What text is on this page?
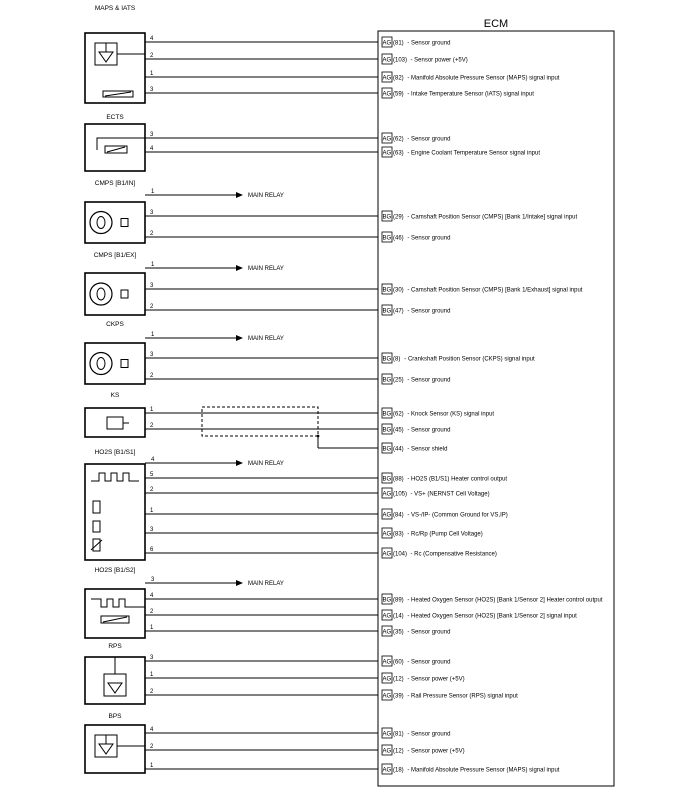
ECM
MAPS & IATS
4
AG (81) - Sensor ground
2
AG (103) - Sensor power (+5V)
1
AG (82) - Manifold Absolute Pressure Sensor (MAPS) signal input
3
AG (59) - Intake Temperature Sensor (IATS) signal input
ECTS
3
AG (62) - Sensor ground
4
AG (63) - Engine Coolant Temperature Sensor signal input
CMPS [B1/IN]
1
MAIN RELAY
3
BG (29) - Camshaft Position Sensor (CMPS) [Bank 1/Intake] signal input
2
BG (46) - Sensor ground
CMPS [B1/EX]
1
MAIN RELAY
3
BG (30) - Camshaft Position Sensor (CMPS) [Bank 1/Exhaust] signal input
2
BG (47) - Sensor ground
CKPS
1
MAIN RELAY
3
BG (8) - Crankshaft Position Sensor (CKPS) signal input
2
BG (25) - Sensor ground
KS
1
BG (62) - Knock Sensor (KS) signal input
2
BG (45) - Sensor ground
BG (44) - Sensor shield
HO2S [B1/S1]
4
MAIN RELAY
5
BG (88) - HO2S (B1/S1) Heater control output
2
AG (105) - VS+ (NERNST Cell Voltage)
1
AG (84) - VS-/IP- (Common Ground for VS,IP)
3
AG (83) - Rc/Rp (Pump Cell Voltage)
6
AG (104) - Rc (Compensative Resistance)
HO2S [B1/S2]
3
MAIN RELAY
4
BG (89) - Heated Oxygen Sensor (HO2S) [Bank 1/Sensor 2] Heater control output
2
AG (14) - Heated Oxygen Sensor (HO2S) [Bank 1/Sensor 2] signal input
1
AG (35) - Sensor ground
RPS
3
AG (60) - Sensor ground
1
AG (12) - Sensor power (+5V)
2
AG (39) - Rail Pressure Sensor (RPS) signal input
BPS
4
AG (81) - Sensor ground
2
AG (12) - Sensor power (+5V)
1
AG (18) - Manifold Absolute Pressure Sensor (MAPS) signal input
